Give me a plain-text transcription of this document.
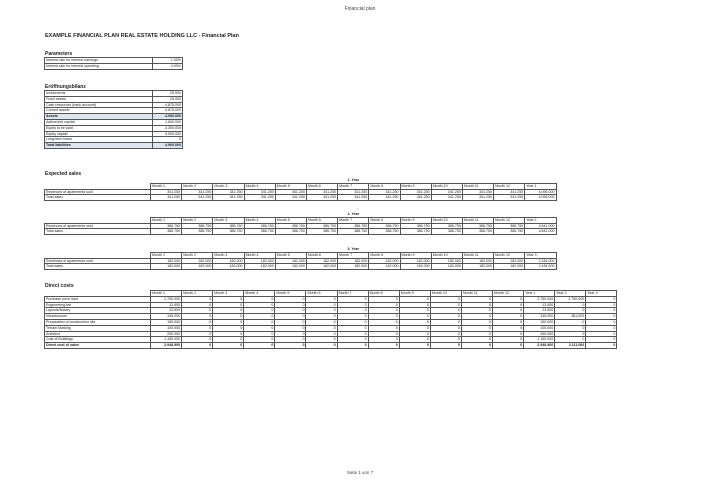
Financial plan
EXAMPLE FINANCIAL PLAN REAL ESTATE HOLDING LLC - Financial Plan
Parameters
Interest rate for interest earnings	1,00%
Interest rate for interest spending	4,00%
Eröffnungsbilanz
Investments	25.000
Fixed assets	25.000
Cash resources (bank account)	4.875.000
Current assets	4.875.000
Assets	4.900.000
Authorized capital	1.600.000
Equity to be paid	-3.300.000
Equity capital	4.900.000
Long-term loans	0
Total liabilities	4.900.000
Expected sales
	1. Year												
	Month 1	Month 2	Month 3	Month 4	Month 5	Month 6	Month 7	Month 8	Month 9	Month 10	Month 11	Month 12	Year 1
Revenues of apartments sold	341.250	341.250	341.250	341.250	341.250	341.250	341.250	341.250	341.250	341.250	341.250	341.250	4.095.000
Total sales	341.250	341.250	341.250	341.250	341.250	341.250	341.250	341.250	341.250	341.250	341.250	341.250	4.095.000
	2. Year												
	Month 1	Month 2	Month 3	Month 4	Month 5	Month 6	Month 7	Month 8	Month 9	Month 10	Month 11	Month 12	Year 2
Revenues of apartments sold	386.750	386.750	386.750	386.750	386.750	386.750	386.750	386.750	386.750	386.750	386.750	386.750	4.641.000
Total sales	386.750	386.750	386.750	386.750	386.750	386.750	386.750	386.750	386.750	386.750	386.750	386.750	4.641.000
	3. Year												
	Month 1	Month 2	Month 3	Month 4	Month 5	Month 6	Month 7	Month 8	Month 9	Month 10	Month 11	Month 12	Year 3
Revenues of apartments sold	182.000	182.000	182.000	182.000	182.000	182.000	182.000	182.000	182.000	182.000	182.000	182.000	2.184.000
Total sales	182.000	182.000	182.000	182.000	182.000	182.000	182.000	182.000	182.000	182.000	182.000	182.000	2.184.000
Direct costs
	Month 1	Month 2	Month 3	Month 4	Month 5	Month 6	Month 7	Month 8	Month 9	Month 10	Month 11	Month 12	Year 1	Year 2	Year 3
Purchase price land	2.750.000	0	0	0	0	0	0	0	0	0	0	0	2.750.000	2.750.000	0
Engineering fee	13.900	0	0	0	0	0	0	0	0	0	0	0	13.900	0	0
Layouts/Notary	23.500	0	0	0	0	0	0	0	0	0	0	0	23.500	0	0
Infrastructure	345.000	0	0	0	0	0	0	0	0	0	0	0	345.000	361.000	0
Preparation of construction site	150.000	0	0	0	0	0	0	0	0	0	0	0	150.000	0	0
Terrain Marking	100.000	0	0	0	0	0	0	0	0	0	0	0	100.000	0	0
Architect	250.000	0	0	0	0	0	0	0	0	0	0	0	250.000	0	0
Cost of Buildings	1.150.000	0	0	0	0	0	0	0	0	0	0	0	1.150.000	0	0
Direct cost of sales	2.948.900	0	0	0	0	0	0	0	0	0	0	0	2.948.900	3.111.000	0
Seite 1 von 7
